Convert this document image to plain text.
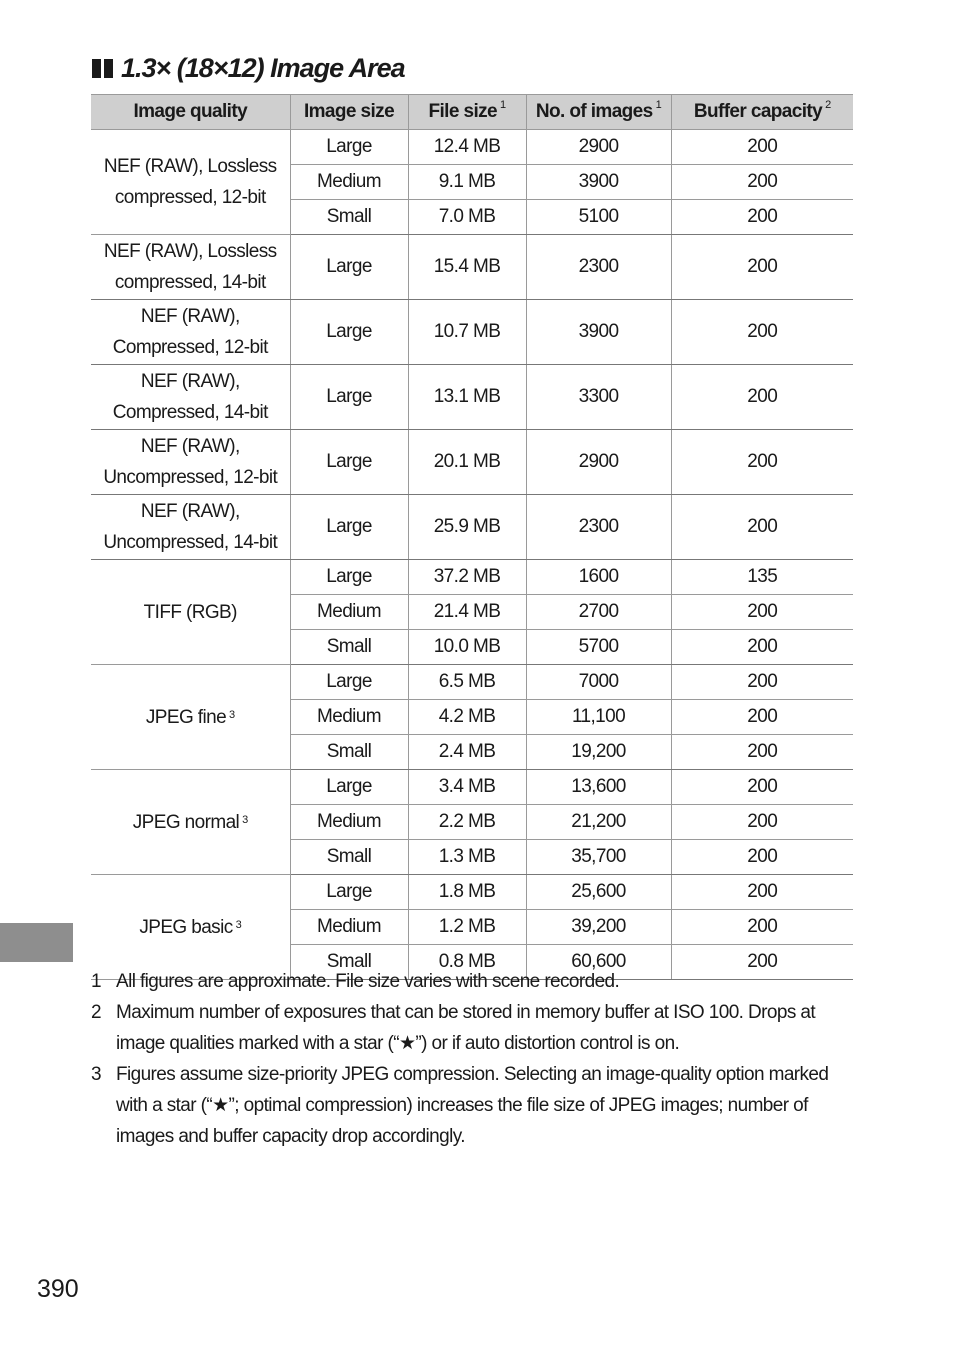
1.3× (18×12) Image Area
Image quality	Image size	File size $^1$	No. of images $^1$	Buffer capacity $^2$

NEF (RAW), Lossless
compressed, 12-bit	Large	12.4 MB	2900	200
	Medium	9.1 MB	3900	200
	Small	7.0 MB	5100	200

NEF (RAW), Lossless
compressed, 14-bit	Large	15.4 MB	2300	200

NEF (RAW),
Compressed, 12-bit	Large	10.7 MB	3900	200

NEF (RAW),
Compressed, 14-bit	Large	13.1 MB	3300	200

NEF (RAW),
Uncompressed, 12-bit	Large	20.1 MB	2900	200

NEF (RAW),
Uncompressed, 14-bit	Large	25.9 MB	2300	200

TIFF (RGB)	Large	37.2 MB	1600	135
	Medium	21.4 MB	2700	200
	Small	10.0 MB	5700	200

JPEG fine $^3$	Large	6.5 MB	7000	200
	Medium	4.2 MB	11,100	200
	Small	2.4 MB	19,200	200

JPEG normal $^3$	Large	3.4 MB	13,600	200
	Medium	2.2 MB	21,200	200
	Small	1.3 MB	35,700	200

JPEG basic $^3$	Large	1.8 MB	25,600	200
	Medium	1.2 MB	39,200	200
	Small	0.8 MB	60,600	200
1 All figures are approximate. File size varies with scene recorded.
2 Maximum number of exposures that can be stored in memory buffer at ISO 100. Drops at image qualities marked with a star (“★”) or if auto distortion control is on.
3 Figures assume size-priority JPEG compression. Selecting an image-quality option marked with a star (“★”; optimal compression) increases the file size of JPEG images; number of images and buffer capacity drop accordingly.
390
